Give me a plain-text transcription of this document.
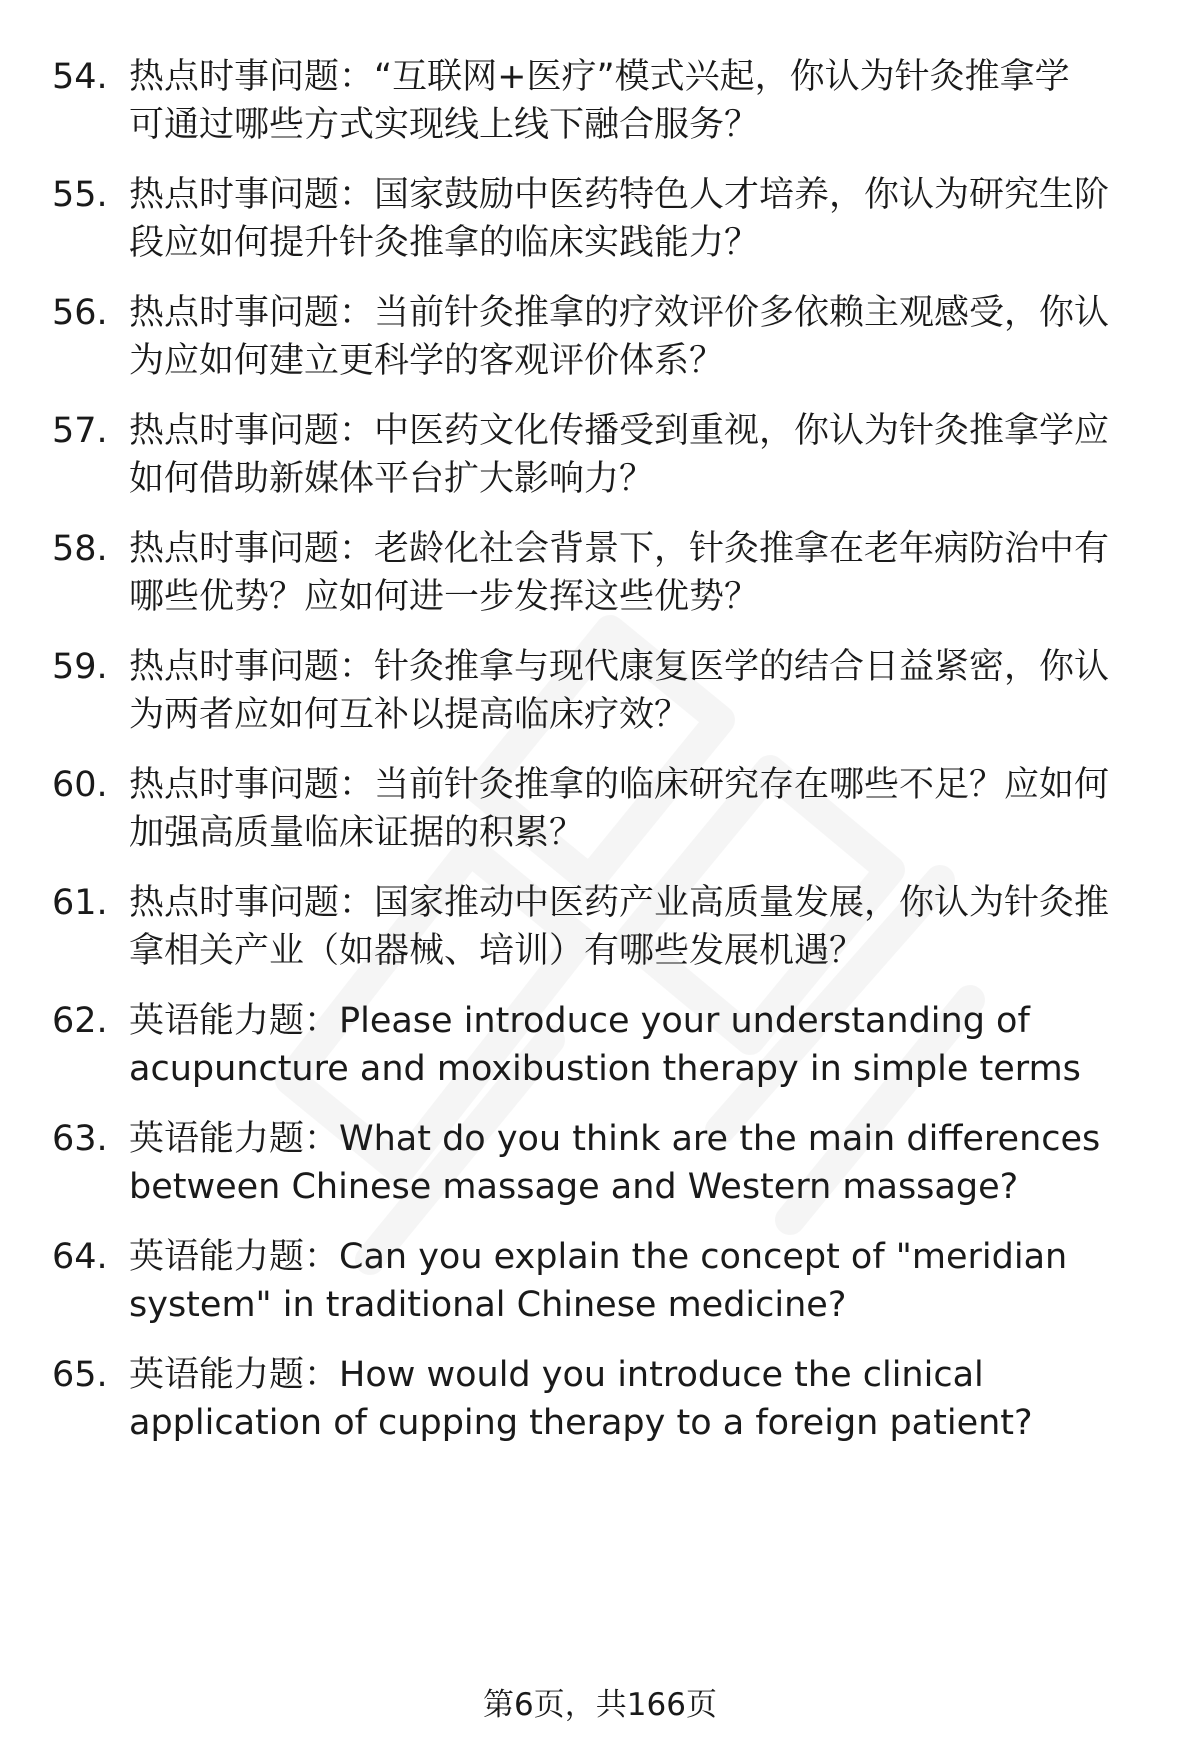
54. 热点时事问题：“互联网+医疗”模式兴起，你认为针灸推拿学
可通过哪些方式实现线上线下融合服务？
55. 热点时事问题：国家鼓励中医药特色人才培养，你认为研究生阶
段应如何提升针灸推拿的临床实践能力？
56. 热点时事问题：当前针灸推拿的疗效评价多依赖主观感受，你认
为应如何建立更科学的客观评价体系？
57. 热点时事问题：中医药文化传播受到重视，你认为针灸推拿学应
如何借助新媒体平台扩大影响力？
58. 热点时事问题：老龄化社会背景下，针灸推拿在老年病防治中有
哪些优势？应如何进一步发挥这些优势？
59. 热点时事问题：针灸推拿与现代康复医学的结合日益紧密，你认
为两者应如何互补以提高临床疗效？
60. 热点时事问题：当前针灸推拿的临床研究存在哪些不足？应如何
加强高质量临床证据的积累？
61. 热点时事问题：国家推动中医药产业高质量发展，你认为针灸推
拿相关产业（如器械、培训）有哪些发展机遇？
62. 英语能力题：Please introduce your understanding of
acupuncture and moxibustion therapy in simple terms
63. 英语能力题：What do you think are the main differences
between Chinese massage and Western massage?
64. 英语能力题：Can you explain the concept of "meridian
system" in traditional Chinese medicine?
65. 英语能力题：How would you introduce the clinical
application of cupping therapy to a foreign patient?
第6页，共166页
